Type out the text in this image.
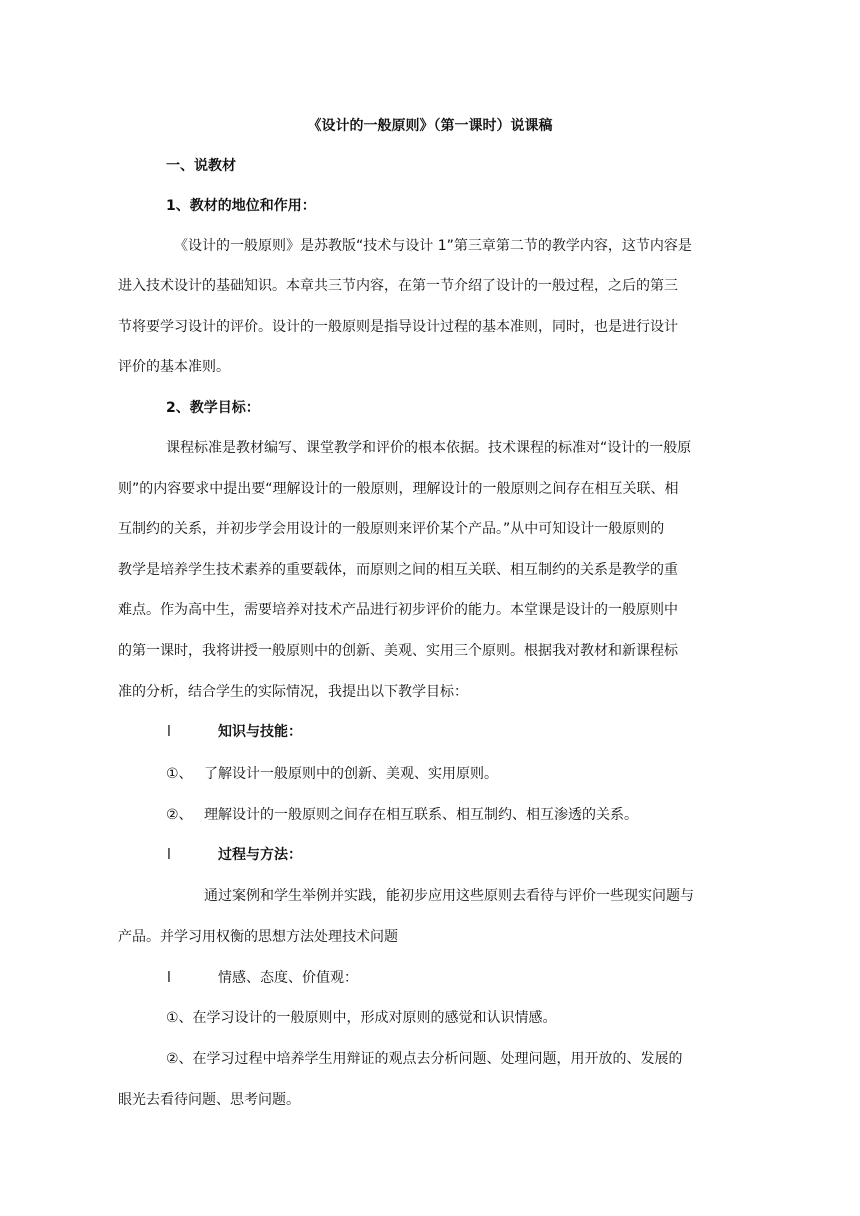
《设计的一般原则》（第一课时）说课稿
一、说教材
1、教材的地位和作用：
《设计的一般原则》是苏教版“技术与设计 1”第三章第二节的教学内容，这节内容是
进入技术设计的基础知识。本章共三节内容，在第一节介绍了设计的一般过程，之后的第三
节将要学习设计的评价。设计的一般原则是指导设计过程的基本准则，同时，也是进行设计
评价的基本准则。
2、教学目标：
课程标准是教材编写、课堂教学和评价的根本依据。技术课程的标准对“设计的一般原
则”的内容要求中提出要“理解设计的一般原则，理解设计的一般原则之间存在相互关联、相
互制约的关系，并初步学会用设计的一般原则来评价某个产品。”从中可知设计一般原则的
教学是培养学生技术素养的重要载体，而原则之间的相互关联、相互制约的关系是教学的重
难点。作为高中生，需要培养对技术产品进行初步评价的能力。本堂课是设计的一般原则中
的第一课时，我将讲授一般原则中的创新、美观、实用三个原则。根据我对教材和新课程标
准的分析，结合学生的实际情况，我提出以下教学目标：
l	知识与技能：
①、 了解设计一般原则中的创新、美观、实用原则。
②、 理解设计的一般原则之间存在相互联系、相互制约、相互渗透的关系。
l	过程与方法：
通过案例和学生举例并实践，能初步应用这些原则去看待与评价一些现实问题与
产品。并学习用权衡的思想方法处理技术问题
l	情感、态度、价值观：
①、在学习设计的一般原则中，形成对原则的感觉和认识情感。
②、在学习过程中培养学生用辩证的观点去分析问题、处理问题，用开放的、发展的
眼光去看待问题、思考问题。
